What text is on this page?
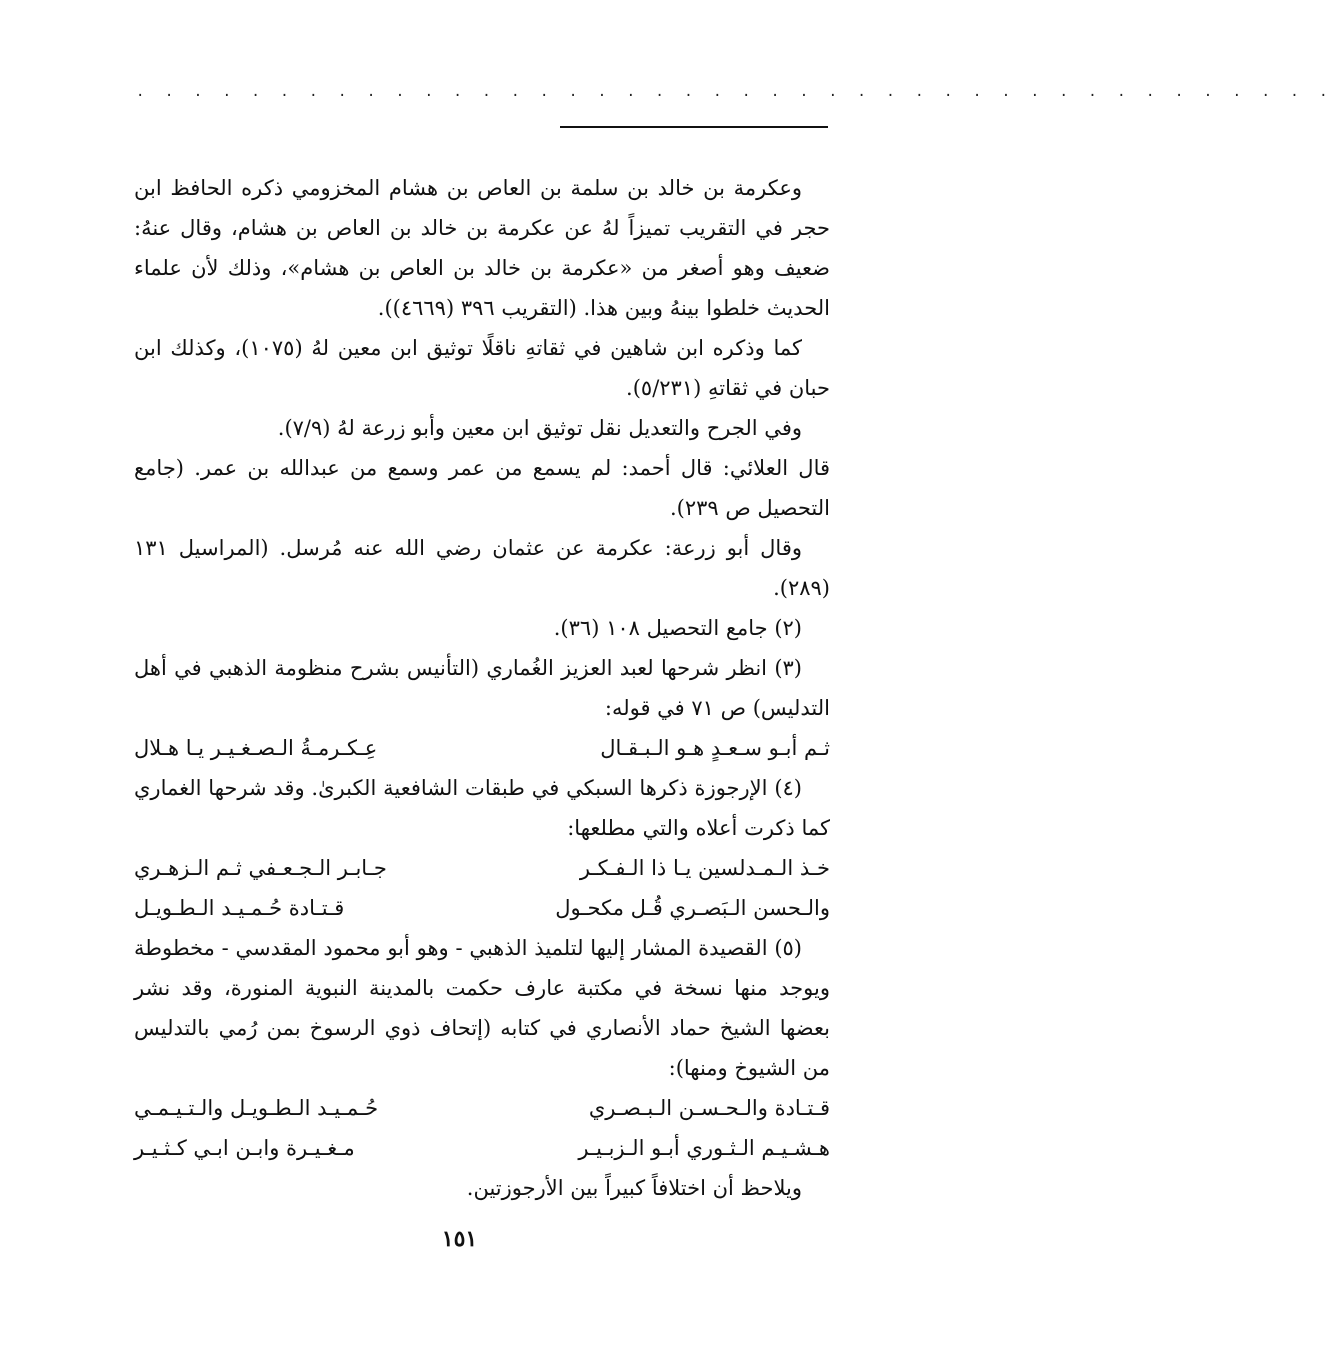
. . . . . . . . . . . . . . . . . . . . . . . . . . . . . . . . . . . . . . . . . .

وعكرمة بن خالد بن سلمة بن العاص بن هشام المخزومي ذكره الحافظ ابن حجر في التقريب تميزاً لهُ عن عكرمة بن خالد بن العاص بن هشام، وقال عنهُ: ضعيف وهو أصغر من «عكرمة بن خالد بن العاص بن هشام»، وذلك لأن علماء الحديث خلطوا بينهُ وبين هذا. (التقريب ٣٩٦ (٤٦٦٩)).

كما وذكره ابن شاهين في ثقاتهِ ناقلًا توثيق ابن معين لهُ (١٠٧٥)، وكذلك ابن حبان في ثقاتهِ (٥/٢٣١).

وفي الجرح والتعديل نقل توثيق ابن معين وأبو زرعة لهُ (٧/٩).

قال العلائي: قال أحمد: لم يسمع من عمر وسمع من عبدالله بن عمر. (جامع التحصيل ص ٢٣٩).

وقال أبو زرعة: عكرمة عن عثمان رضي الله عنه مُرسل. (المراسيل ١٣١ (٢٨٩).

(٢) جامع التحصيل ١٠٨ (٣٦).

(٣) انظر شرحها لعبد العزيز الغُماري (التأنيس بشرح منظومة الذهبي في أهل التدليس) ص ٧١ في قوله:

ثـم أبـو سـعـدٍ هـو الـبـقـال
عِـكـرمـةُ الـصـغـيـر يـا هـلال

(٤) الإرجوزة ذكرها السبكي في طبقات الشافعية الكبرىٰ. وقد شرحها الغماري كما ذكرت أعلاه والتي مطلعها:

خـذ الـمـدلسين يـا ذا الـفـكـر
جـابـر الـجـعـفي ثـم الـزهـري
والـحسن الـبَصـري قُـل مكحـول
قـتـادة حُـمـيـد الـطـويـل

(٥) القصيدة المشار إليها لتلميذ الذهبي - وهو أبو محمود المقدسي - مخطوطة ويوجد منها نسخة في مكتبة عارف حكمت بالمدينة النبوية المنورة، وقد نشر بعضها الشيخ حماد الأنصاري في كتابه (إتحاف ذوي الرسوخ بمن رُمي بالتدليس من الشيوخ ومنها):

قـتـادة والـحـسـن الـبـصـري
حُـمـيـد الـطـويـل والـتـيـمـي
هـشـيـم الـثـوري أبـو الـزبـيـر
مـغـيـرة وابـن ابـي كـثـيـر

ويلاحظ أن اختلافاً كبيراً بين الأرجوزتين.

١٥١
